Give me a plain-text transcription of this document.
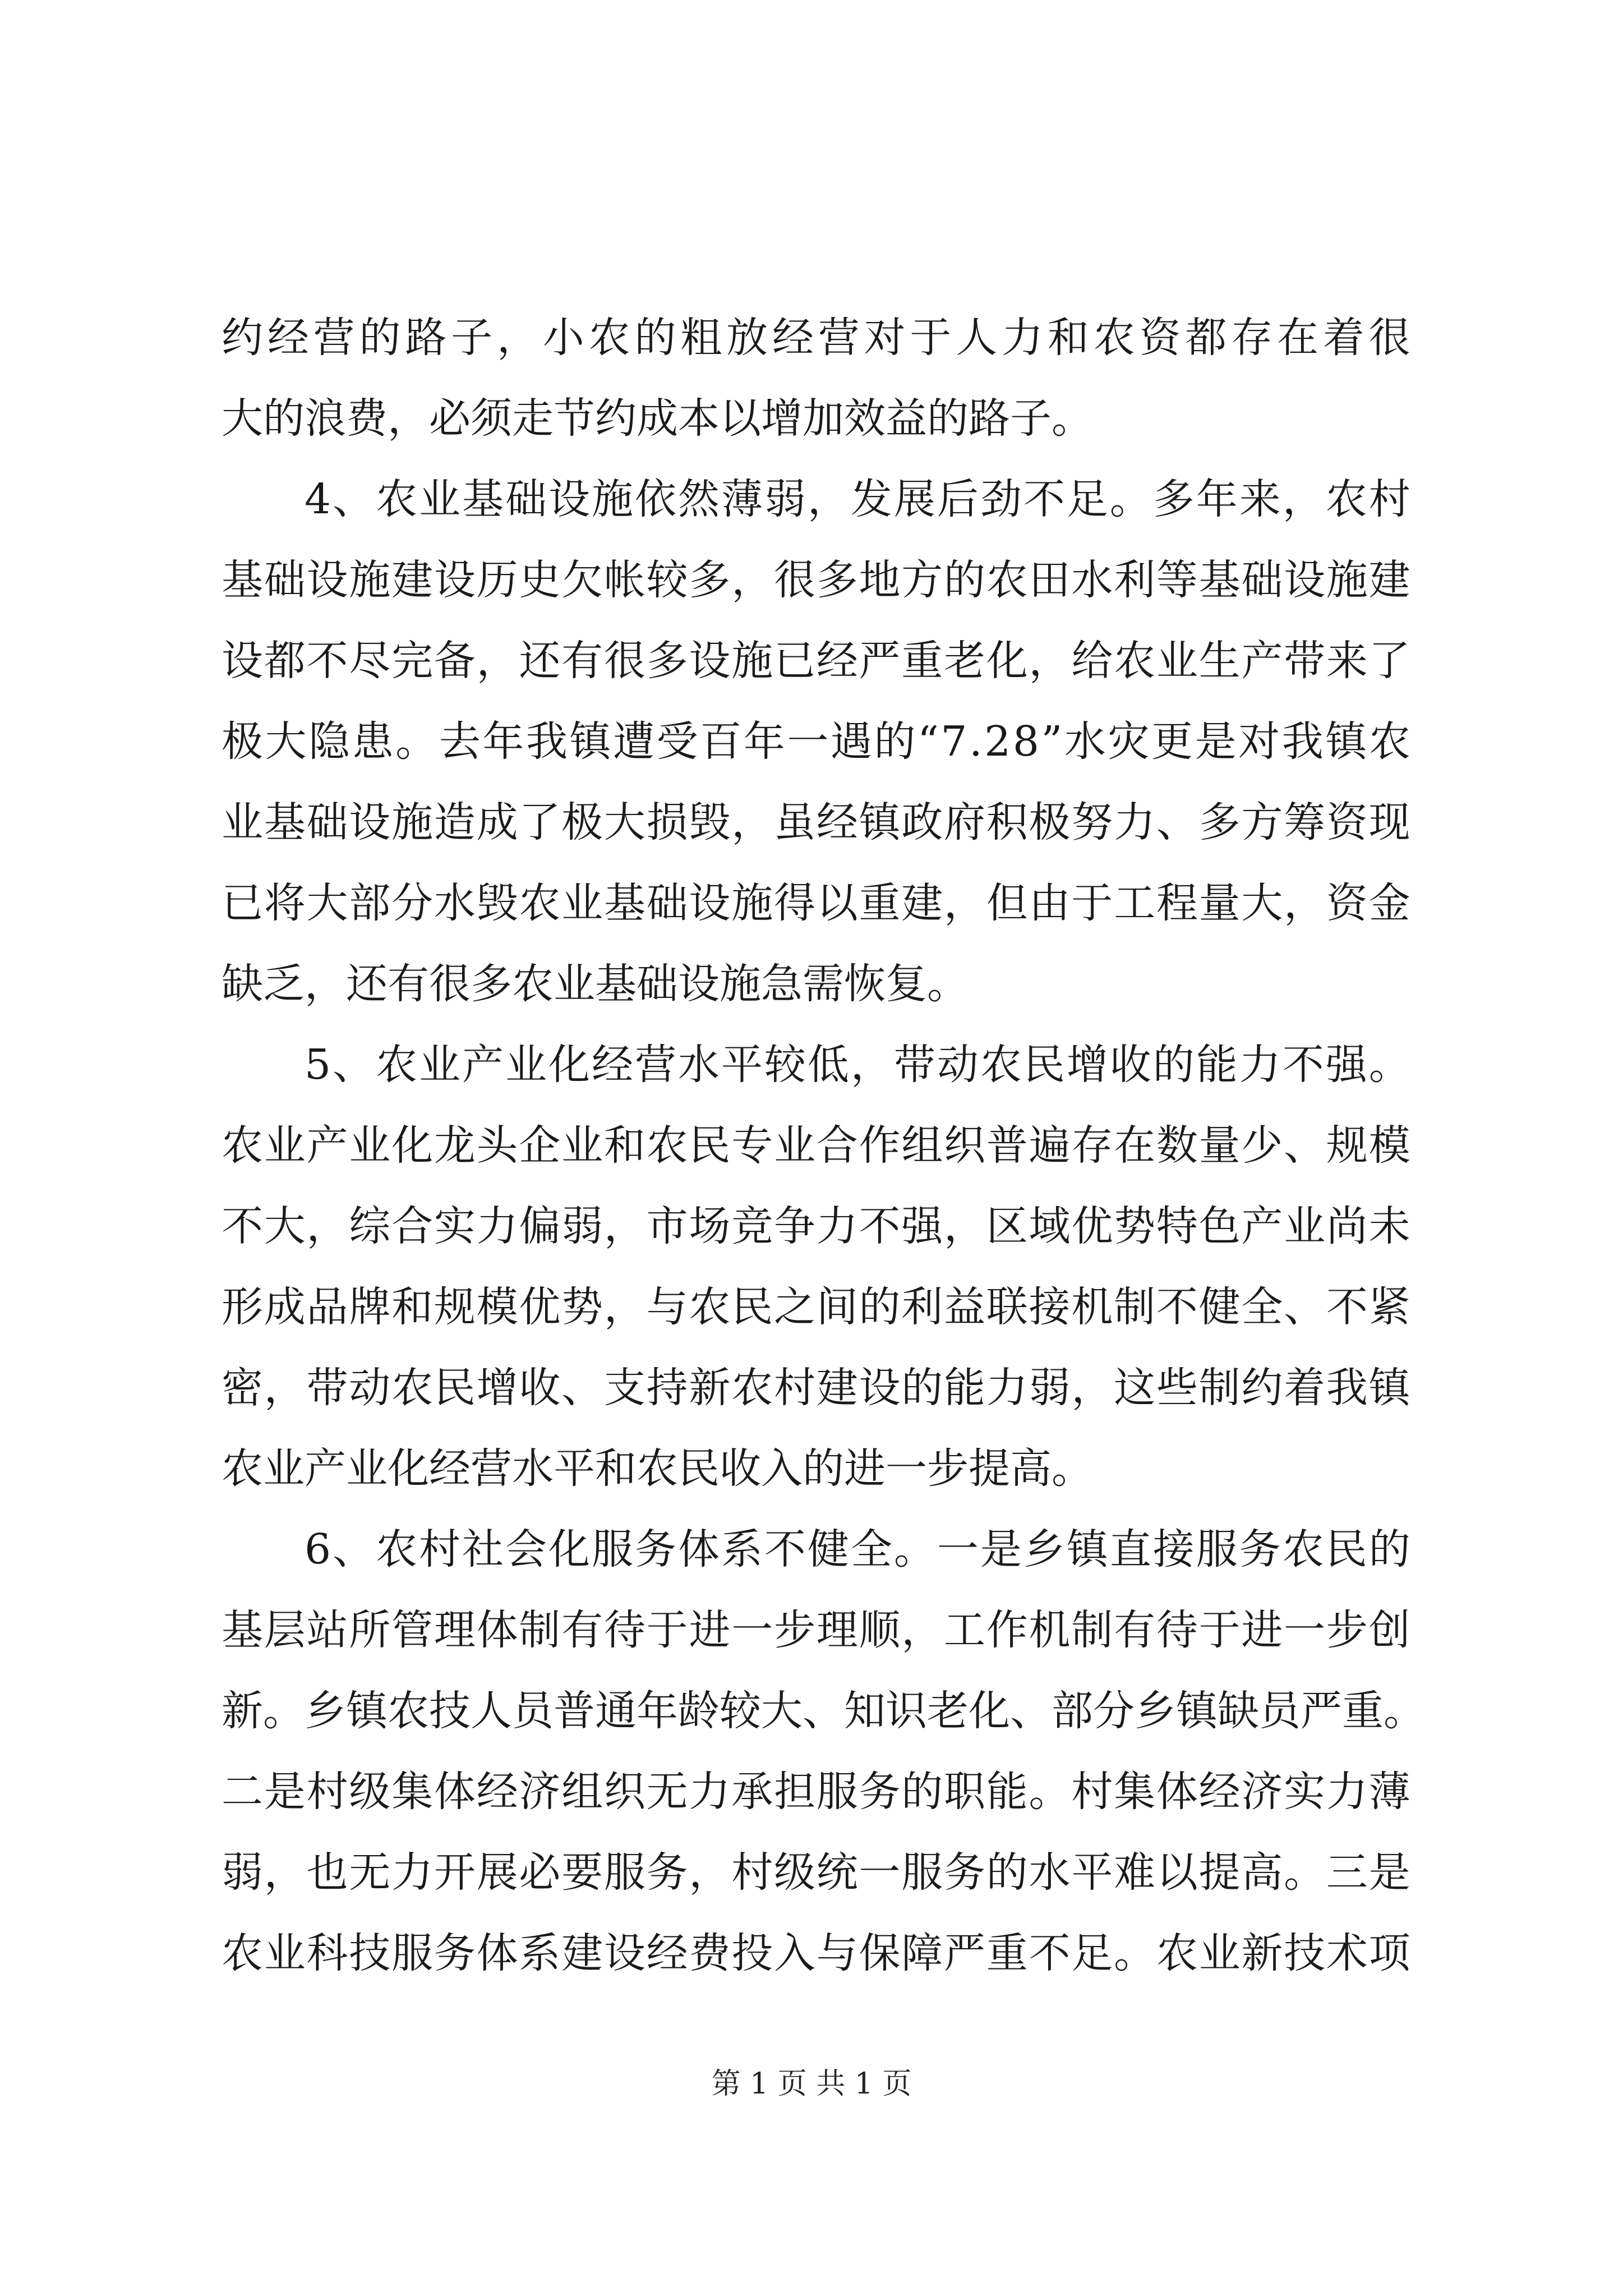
约 经 营 的 路 子 ， 小 农 的 粗 放 经 营 对 于 人 力 和 农 资 都 存 在 着 很
大的浪费，必须走节约成本以增加效益的路子。
4 、 农 业 基 础 设 施 依 然 薄 弱 ， 发 展 后 劲 不 足 。 多 年 来 ， 农 村
基 础 设 施 建 设 历 史 欠 帐 较 多 ， 很 多 地 方 的 农 田 水 利 等 基 础 设 施 建
设 都 不 尽 完 备 ， 还 有 很 多 设 施 已 经 严 重 老 化 ， 给 农 业 生 产 带 来 了
极 大 隐 患 。 去 年 我 镇 遭 受 百 年 一 遇 的 “ 7 . 2 8 ” 水 灾 更 是 对 我 镇 农
业 基 础 设 施 造 成 了 极 大 损 毁 ， 虽 经 镇 政 府 积 极 努 力 、 多 方 筹 资 现
已 将 大 部 分 水 毁 农 业 基 础 设 施 得 以 重 建 ， 但 由 于 工 程 量 大 ， 资 金
缺乏，还有很多农业基础设施急需恢复。
5 、 农 业 产 业 化 经 营 水 平 较 低 ， 带 动 农 民 增 收 的 能 力 不 强 。
农 业 产 业 化 龙 头 企 业 和 农 民 专 业 合 作 组 织 普 遍 存 在 数 量 少 、 规 模
不 大 ， 综 合 实 力 偏 弱 ， 市 场 竞 争 力 不 强 ， 区 域 优 势 特 色 产 业 尚 未
形 成 品 牌 和 规 模 优 势 ， 与 农 民 之 间 的 利 益 联 接 机 制 不 健 全 、 不 紧
密 ， 带 动 农 民 增 收 、 支 持 新 农 村 建 设 的 能 力 弱 ， 这 些 制 约 着 我 镇
农业产业化经营水平和农民收入的进一步提高。
6 、 农 村 社 会 化 服 务 体 系 不 健 全 。 一 是 乡 镇 直 接 服 务 农 民 的
基 层 站 所 管 理 体 制 有 待 于 进 一 步 理 顺 ， 工 作 机 制 有 待 于 进 一 步 创
新 。 乡 镇 农 技 人 员 普 通 年 龄 较 大 、 知 识 老 化 、 部 分 乡 镇 缺 员 严 重 。
二 是 村 级 集 体 经 济 组 织 无 力 承 担 服 务 的 职 能 。 村 集 体 经 济 实 力 薄
弱 ， 也 无 力 开 展 必 要 服 务 ， 村 级 统 一 服 务 的 水 平 难 以 提 高 。 三 是
农 业 科 技 服 务 体 系 建 设 经 费 投 入 与 保 障 严 重 不 足 。 农 业 新 技 术 项
第 1 页 共 1 页
